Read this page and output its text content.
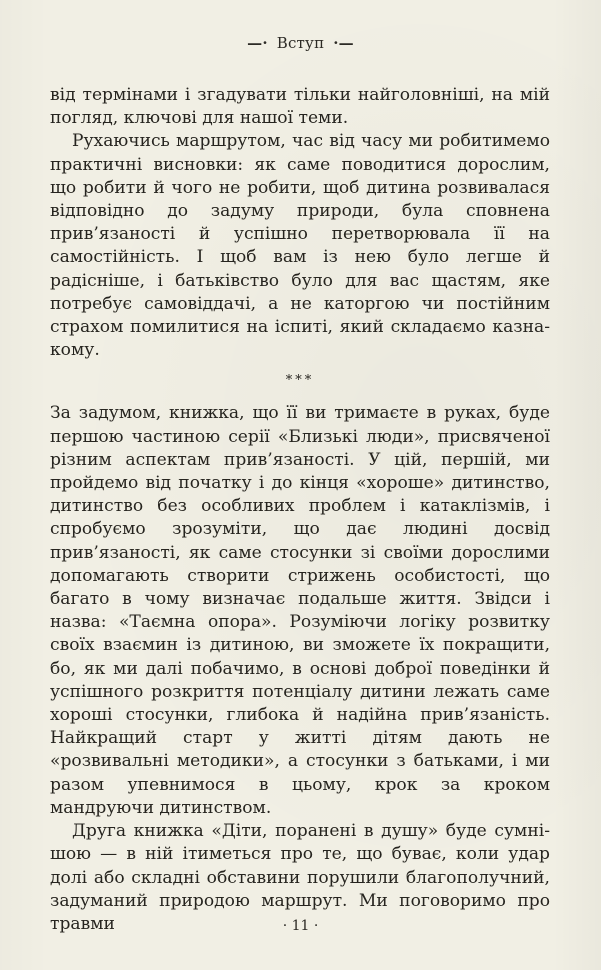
—· Вступ ·—

від термінами і згадувати тільки найголовніші, на мій погляд, ключові для нашої теми.

Рухаючись маршрутом, час від часу ми робитимемо практичні висновки: як саме поводитися дорослим, що робити й чого не робити, щоб дитина розвивалася відповідно до задуму природи, була сповнена прив’язаності й успішно перетворювала її на самостійність. І щоб вам із нею було легше й радісніше, і батьківство було для вас щастям, яке потребує самовіддачі, а не каторгою чи постійним страхом помилитися на іспиті, який складаємо казна-кому.

***

За задумом, книжка, що її ви тримаєте в руках, буде першою частиною серії «Близькі люди», присвяченої різним аспектам прив’язаності. У цій, першій, ми пройдемо від початку і до кінця «хороше» дитинство, дитинство без особливих проблем і катаклізмів, і спробуємо зрозуміти, що дає людині досвід прив’язаності, як саме стосунки зі своїми дорослими допомагають створити стрижень особистості, що багато в чому визначає подальше життя. Звідси і назва: «Таємна опора». Розуміючи логіку розвитку своїх взаємин із дитиною, ви зможете їх покращити, бо, як ми далі побачимо, в основі доброї поведінки й успішного розкриття потенціалу дитини лежать саме хороші стосунки, глибока й надійна прив’язаність. Найкращий старт у житті дітям дають не «розвивальні методики», а стосунки з батьками, і ми разом упевнимося в цьому, крок за кроком мандруючи дитинством.

Друга книжка «Діти, поранені в душу» буде сумнішою — в ній ітиметься про те, що буває, коли удар долі або складні обставини порушили благополучний, задуманий природою маршрут. Ми поговоримо про травми	· 11 ·
